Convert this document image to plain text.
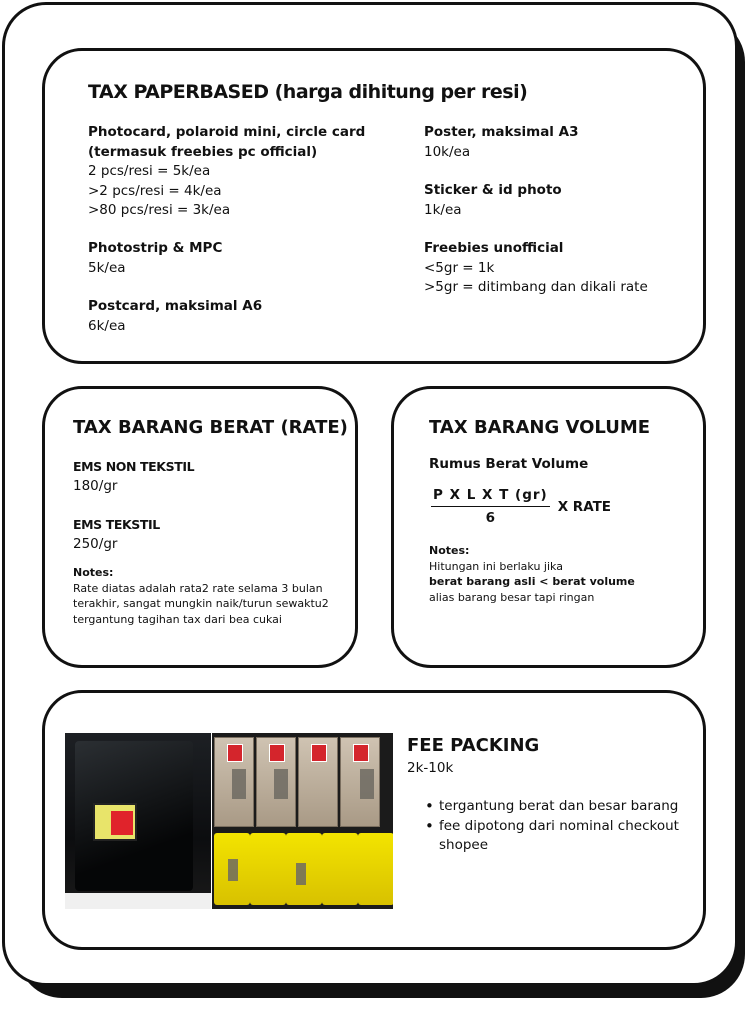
TAX PAPERBASED (harga dihitung per resi)
Photocard, polaroid mini, circle card
(termasuk freebies pc official)
2 pcs/resi = 5k/ea
>2 pcs/resi = 4k/ea
>80 pcs/resi = 3k/ea
Photostrip & MPC
5k/ea
Postcard, maksimal A6
6k/ea
Poster, maksimal A3
10k/ea
Sticker & id photo
1k/ea
Freebies unofficial
<5gr = 1k
>5gr = ditimbang dan dikali rate
TAX BARANG BERAT (RATE)
EMS NON TEKSTIL
180/gr
EMS TEKSTIL
250/gr
Notes:
Rate diatas adalah rata2 rate selama 3 bulan
terakhir, sangat mungkin naik/turun sewaktu2
tergantung tagihan tax dari bea cukai
TAX BARANG VOLUME
Rumus Berat Volume
$\frac{\text{P X L X T (gr)}}{6}$ X RATE
Notes:
Hitungan ini berlaku jika
berat barang asli < berat volume
alias barang besar tapi ringan
FEE PACKING
2k-10k
• tergantung berat dan besar barang
• fee dipotong dari nominal checkout
shopee
